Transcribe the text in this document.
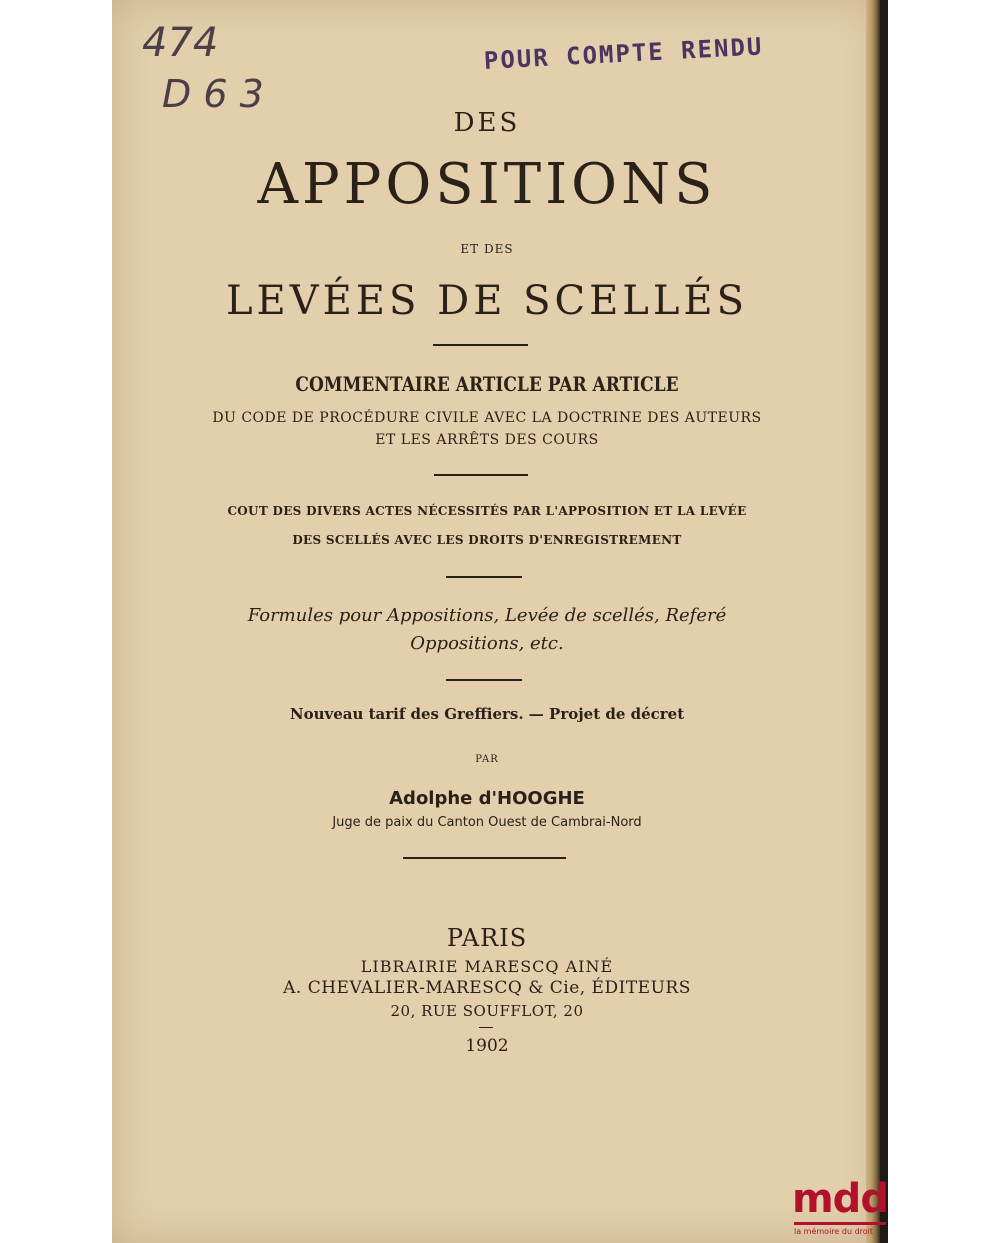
474
D 6 3
POUR COMPTE RENDU
DES
APPOSITIONS
ET DES
LEVÉES DE SCELLÉS
COMMENTAIRE ARTICLE PAR ARTICLE
DU CODE DE PROCÉDURE CIVILE AVEC LA DOCTRINE DES AUTEURS
ET LES ARRÊTS DES COURS
COUT DES DIVERS ACTES NÉCESSITÉS PAR L'APPOSITION ET LA LEVÉE
DES SCELLÉS AVEC LES DROITS D'ENREGISTREMENT
Formules pour Appositions, Levée de scellés, Referé
Oppositions, etc.
Nouveau tarif des Greffiers. — Projet de décret
PAR
Adolphe d'HOOGHE
Juge de paix du Canton Ouest de Cambrai-Nord
PARIS
LIBRAIRIE MARESCQ AINÉ
A. CHEVALIER-MARESCQ & Cie, ÉDITEURS
20, RUE SOUFFLOT, 20
1902
mdd
la mémoire du droit
